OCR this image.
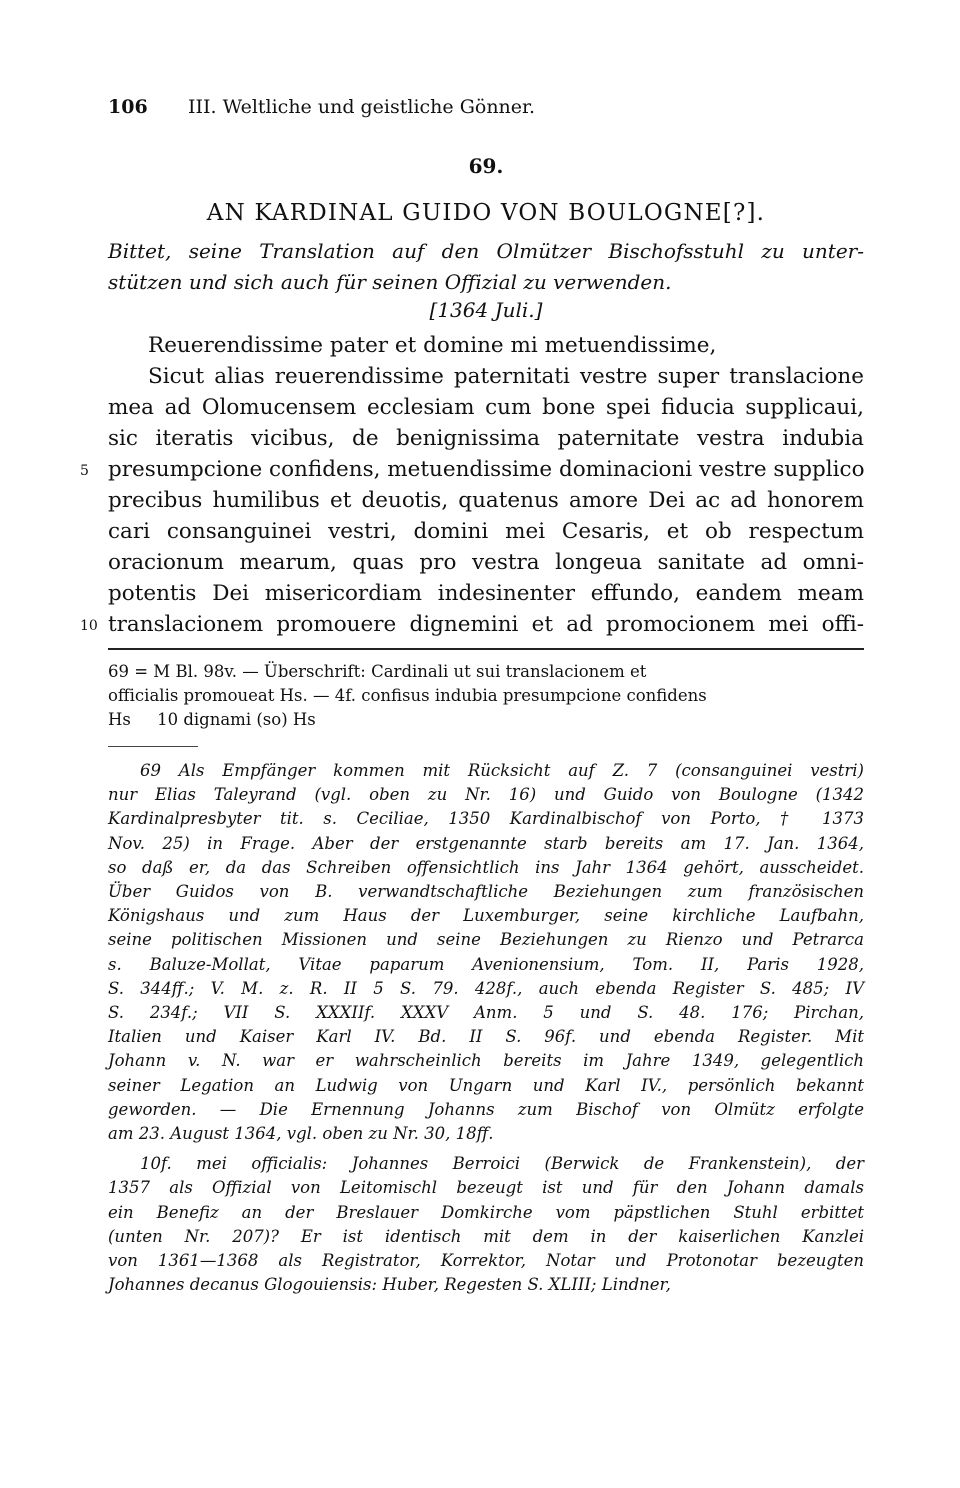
106 III. Weltliche und geistliche Gönner.
69.
AN KARDINAL GUIDO VON BOULOGNE[?].
Bittet, seine Translation auf den Olmützer Bischofsstuhl zu unter-
stützen und sich auch für seinen Offizial zu verwenden.
[1364 Juli.]
Reuerendissime pater et domine mi metuendissime,
Sicut alias reuerendissime paternitati vestre super translacione
mea ad Olomucensem ecclesiam cum bone spei fiducia supplicaui,
sic iteratis vicibus, de benignissima paternitate vestra indubia
5 presumpcione confidens, metuendissime dominacioni vestre supplico
precibus humilibus et deuotis, quatenus amore Dei ac ad honorem
cari consanguinei vestri, domini mei Cesaris, et ob respectum
oracionum mearum, quas pro vestra longeua sanitate ad omni-
potentis Dei misericordiam indesinenter effundo, eandem meam
10 translacionem promouere dignemini et ad promocionem mei offi-
69 = M Bl. 98v. — Überschrift: Cardinali ut sui translacionem et
officialis promoueat Hs. — 4f. confisus indubia presumpcione confidens
Hs     10 dignami (so) Hs
69 Als Empfänger kommen mit Rücksicht auf Z. 7 (consanguinei vestri)
nur Elias Taleyrand (vgl. oben zu Nr. 16) und Guido von Boulogne (1342
Kardinalpresbyter tit. s. Ceciliae, 1350 Kardinalbischof von Porto, † 1373
Nov. 25) in Frage. Aber der erstgenannte starb bereits am 17. Jan. 1364,
so daß er, da das Schreiben offensichtlich ins Jahr 1364 gehört, ausscheidet.
Über Guidos von B. verwandtschaftliche Beziehungen zum französischen
Königshaus und zum Haus der Luxemburger, seine kirchliche Laufbahn,
seine politischen Missionen und seine Beziehungen zu Rienzo und Petrarca
s. Baluze-Mollat, Vitae paparum Avenionensium, Tom. II, Paris 1928,
S. 344ff.; V. M. z. R. II 5 S. 79. 428f., auch ebenda Register S. 485; IV
S. 234f.; VII S. XXXIIf. XXXV Anm. 5 und S. 48. 176; Pirchan,
Italien und Kaiser Karl IV. Bd. II S. 96f. und ebenda Register. Mit
Johann v. N. war er wahrscheinlich bereits im Jahre 1349, gelegentlich
seiner Legation an Ludwig von Ungarn und Karl IV., persönlich bekannt
geworden. — Die Ernennung Johanns zum Bischof von Olmütz erfolgte
am 23. August 1364, vgl. oben zu Nr. 30, 18ff.
10f. mei officialis: Johannes Berroici (Berwick de Frankenstein), der
1357 als Offizial von Leitomischl bezeugt ist und für den Johann damals
ein Benefiz an der Breslauer Domkirche vom päpstlichen Stuhl erbittet
(unten Nr. 207)? Er ist identisch mit dem in der kaiserlichen Kanzlei
von 1361—1368 als Registrator, Korrektor, Notar und Protonotar bezeugten
Johannes decanus Glogouiensis: Huber, Regesten S. XLIII; Lindner,
